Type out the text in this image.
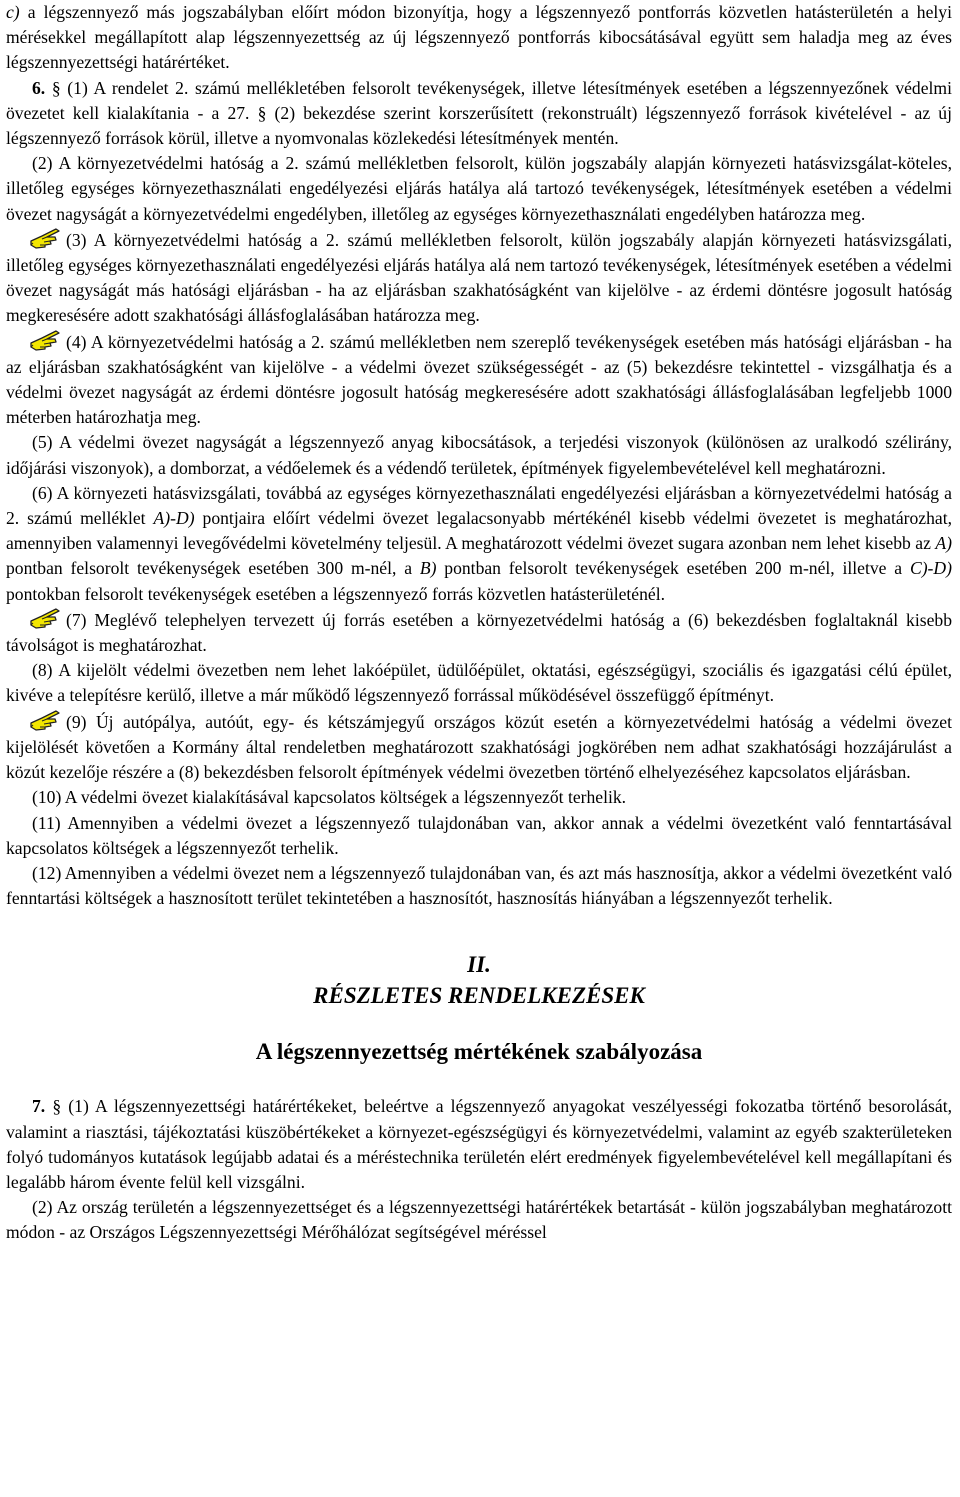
c) a légszennyező más jogszabályban előírt módon bizonyítja, hogy a légszennyező pontforrás közvetlen hatásterületén a helyi mérésekkel megállapított alap légszennyezettség az új légszennyező pontforrás kibocsátásával együtt sem haladja meg az éves légszennyezettségi határértéket.

6. § (1) A rendelet 2. számú mellékletében felsorolt tevékenységek, illetve létesítmények esetében a légszennyezőnek védelmi övezetet kell kialakítania - a 27. § (2) bekezdése szerint korszerűsített (rekonstruált) légszennyező források kivételével - az új légszennyező források körül, illetve a nyomvonalas közlekedési létesítmények mentén.

(2) A környezetvédelmi hatóság a 2. számú mellékletben felsorolt, külön jogszabály alapján környezeti hatásvizsgálat-köteles, illetőleg egységes környezethasználati engedélyezési eljárás hatálya alá tartozó tevékenységek, létesítmények esetében a védelmi övezet nagyságát a környezetvédelmi engedélyben, illetőleg az egységes környezethasználati engedélyben határozza meg.

(3) A környezetvédelmi hatóság a 2. számú mellékletben felsorolt, külön jogszabály alapján környezeti hatásvizsgálati, illetőleg egységes környezethasználati engedélyezési eljárás hatálya alá nem tartozó tevékenységek, létesítmények esetében a védelmi övezet nagyságát más hatósági eljárásban - ha az eljárásban szakhatóságként van kijelölve - az érdemi döntésre jogosult hatóság megkeresésére adott szakhatósági állásfoglalásában határozza meg.

(4) A környezetvédelmi hatóság a 2. számú mellékletben nem szereplő tevékenységek esetében más hatósági eljárásban - ha az eljárásban szakhatóságként van kijelölve - a védelmi övezet szükségességét - az (5) bekezdésre tekintettel - vizsgálhatja és a védelmi övezet nagyságát az érdemi döntésre jogosult hatóság megkeresésére adott szakhatósági állásfoglalásában legfeljebb 1000 méterben határozhatja meg.

(5) A védelmi övezet nagyságát a légszennyező anyag kibocsátások, a terjedési viszonyok (különösen az uralkodó szélirány, időjárási viszonyok), a domborzat, a védőelemek és a védendő területek, építmények figyelembevételével kell meghatározni.

(6) A környezeti hatásvizsgálati, továbbá az egységes környezethasználati engedélyezési eljárásban a környezetvédelmi hatóság a 2. számú melléklet A)-D) pontjaira előírt védelmi övezet legalacsonyabb mértékénél kisebb védelmi övezetet is meghatározhat, amennyiben valamennyi levegővédelmi követelmény teljesül. A meghatározott védelmi övezet sugara azonban nem lehet kisebb az A) pontban felsorolt tevékenységek esetében 300 m-nél, a B) pontban felsorolt tevékenységek esetében 200 m-nél, illetve a C)-D) pontokban felsorolt tevékenységek esetében a légszennyező forrás közvetlen hatásterületénél.

(7) Meglévő telephelyen tervezett új forrás esetében a környezetvédelmi hatóság a (6) bekezdésben foglaltaknál kisebb távolságot is meghatározhat.

(8) A kijelölt védelmi övezetben nem lehet lakóépület, üdülőépület, oktatási, egészségügyi, szociális és igazgatási célú épület, kivéve a telepítésre kerülő, illetve a már működő légszennyező forrással működésével összefüggő építményt.

(9) Új autópálya, autóút, egy- és kétszámjegyű országos közút esetén a környezetvédelmi hatóság a védelmi övezet kijelölését követően a Kormány által rendeletben meghatározott szakhatósági jogkörében nem adhat szakhatósági hozzájárulást a közút kezelője részére a (8) bekezdésben felsorolt építmények védelmi övezetben történő elhelyezéséhez kapcsolatos eljárásban.

(10) A védelmi övezet kialakításával kapcsolatos költségek a légszennyezőt terhelik.

(11) Amennyiben a védelmi övezet a légszennyező tulajdonában van, akkor annak a védelmi övezetként való fenntartásával kapcsolatos költségek a légszennyezőt terhelik.

(12) Amennyiben a védelmi övezet nem a légszennyező tulajdonában van, és azt más hasznosítja, akkor a védelmi övezetként való fenntartási költségek a hasznosított terület tekintetében a hasznosítót, hasznosítás hiányában a légszennyezőt terhelik.

II.

RÉSZLETES RENDELKEZÉSEK

A légszennyezettség mértékének szabályozása

7. § (1) A légszennyezettségi határértékeket, beleértve a légszennyező anyagokat veszélyességi fokozatba történő besorolását, valamint a riasztási, tájékoztatási küszöbértékeket a környezet-egészségügyi és környezetvédelmi, valamint az egyéb szakterületeken folyó tudományos kutatások legújabb adatai és a méréstechnika területén elért eredmények figyelembevételével kell megállapítani és legalább három évente felül kell vizsgálni.

(2) Az ország területén a légszennyezettséget és a légszennyezettségi határértékek betartását - külön jogszabályban meghatározott módon - az Országos Légszennyezettségi Mérőhálózat segítségével méréssel
